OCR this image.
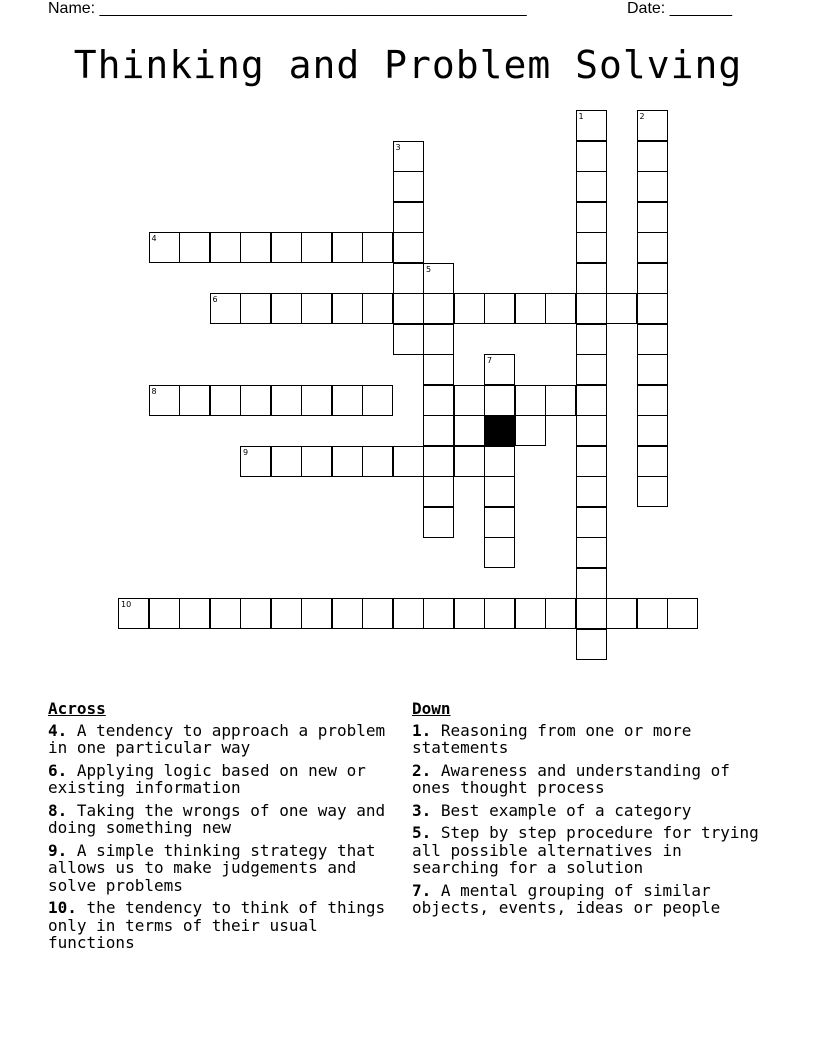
Name: ________________________________________________	Date: _______
Thinking and Problem Solving
1	2
3
4
5
6
7
8
9
10
Across
4. A tendency to approach a problem in one particular way
6. Applying logic based on new or existing information
8. Taking the wrongs of one way and doing something new
9. A simple thinking strategy that allows us to make judgements and solve problems
10. the tendency to think of things only in terms of their usual functions
Down
1. Reasoning from one or more statements
2. Awareness and understanding of ones thought process
3. Best example of a category
5. Step by step procedure for trying all possible alternatives in searching for a solution
7. A mental grouping of similar objects, events, ideas or people
